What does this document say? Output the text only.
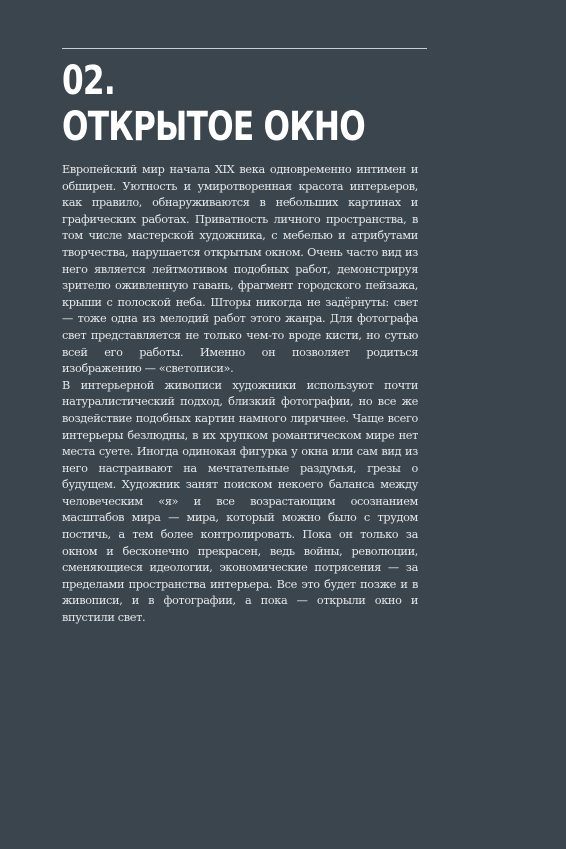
02.
ОТКРЫТОЕ ОКНО

Европейский мир начала XIX века одновременно интимен и обширен. Уютность и умиротворенная красота интерьеров, как правило, обнаруживаются в небольших картинах и графических работах. Приватность личного пространства, в том числе мастерской художника, с мебелью и атрибутами творчества, нарушается открытым окном. Очень часто вид из него является лейтмотивом подобных работ, демонстрируя зрителю оживленную гавань, фрагмент городского пейзажа, крыши с полоской неба. Шторы никогда не задёрнуты: свет — тоже одна из мелодий работ этого жанра. Для фотографа свет представляется не только чем-то вроде кисти, но сутью всей его работы. Именно он позволяет родиться изображению — «светописи».

В интерьерной живописи художники используют почти натуралистический подход, близкий фотографии, но все же воздействие подобных картин намного лиричнее. Чаще всего интерьеры безлюдны, в их хрупком романтическом мире нет места суете. Иногда одинокая фигурка у окна или сам вид из него настраивают на мечтательные раздумья, грезы о будущем. Художник занят поиском некоего баланса между человеческим «я» и все возрастающим осознанием масштабов мира — мира, который можно было с трудом постичь, а тем более контролировать. Пока он только за окном и бесконечно прекрасен, ведь войны, революции, сменяющиеся идеологии, экономические потрясения — за пределами пространства интерьера. Все это будет позже и в живописи, и в фотографии, а пока — открыли окно и впустили свет.
